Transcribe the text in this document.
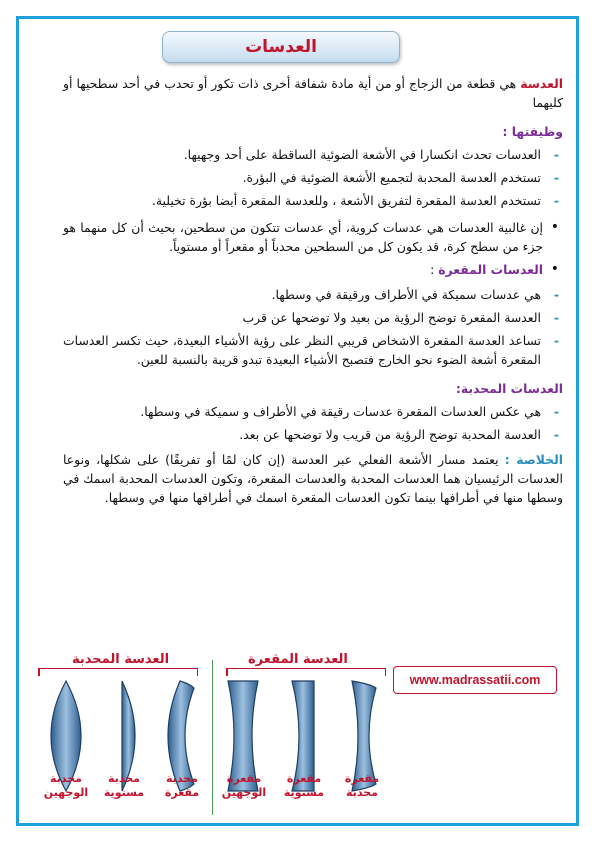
العدسات

العدسة هي قطعة من الزجاج أو من أية مادة شفافة أخرى ذات تكور أو تحدب في أحد سطحيها أو كليهما

وظيفتها :
- العدسات تحدث انكسارا في الأشعة الضوئية الساقطة على أحد وجهيها.
- تستخدم العدسة المحدبة لتجميع الأشعة الضوئية في البؤرة.
- تستخدم العدسة المقعرة لتفريق الأشعة ، وللعدسة المقعرة أيضا بؤرة تخيلية.

• إن غالبية العدسات هي عدسات كروية، أي عدسات تتكون من سطحين، بحيث أن كل منهما هو جزء من سطح كرة، قد يكون كل من السطحين محدباً أو مقعراً أو مستوياً.

• العدسات المقعرة :

- هي عدسات سميكة في الأطراف ورقيقة في وسطها.
- العدسة المقعرة توضح الرؤية من بعيد ولا توضحها عن قرب
- تساعد العدسة المقعرة الاشخاص قريبي النظر على رؤية الأشياء البعيدة، حيث تكسر العدسات المقعرة أشعة الضوء نحو الخارج فتصبح الأشياء البعيدة تبدو قريبة بالنسبة للعين.
العدسات المحدبة:
- هي عكس العدسات المقعرة عدسات رقيقة في الأطراف و سميكة في وسطها.
- العدسة المحدبة توضح الرؤية من قريب ولا توضحها عن بعد.

الخلاصة : يعتمد مسار الأشعة الفعلي عبر العدسة (إن كان لمًا أو تفريقًا) على شكلها، ونوعا العدسات الرئيسيان هما العدسات المحدبة والعدسات المقعرة، وتكون العدسات المحدبة اسمك في وسطها منها في أطرافها بينما تكون العدسات المقعرة اسمك في أطرافها منها في وسطها.

www.madrassatii.com
العدسة المحدبة	العدسة المقعرة
محدبة الوجهين
محدبة مستوية
محدبة مقعرة
مقعرة الوجهين
مقعرة مستوية
مقعرة محدبة
